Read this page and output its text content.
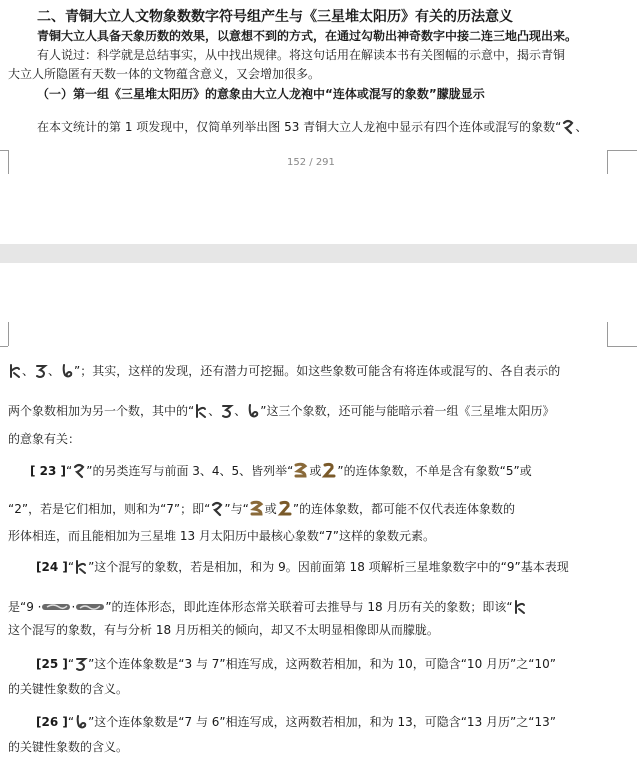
二、青铜大立人文物象数数字符号组产生与《三星堆太阳历》有关的历法意义
青铜大立人具备天象历数的效果，以意想不到的方式，在通过勾勒出神奇数字中接二连三地凸现出来。
有人说过：科学就是总结事实，从中找出规律。将这句话用在解读本书有关图幅的示意中，揭示青铜
大立人所隐匿有天数一体的文物蕴含意义，又会增加很多。
（一）第一组《三星堆太阳历》的意象由大立人龙袍中“连体或混写的象数”朦胧显示
在本文统计的第 1 项发现中，仅简单列举出图 53 青铜大立人龙袍中显示有四个连体或混写的象数“ 、
152 / 291
、 、 ”；其实，这样的发现，还有潜力可挖掘。如这些象数可能含有将连体或混写的、各自表示的
两个象数相加为另一个数，其中的“ 、 、 ”这三个象数，还可能与能暗示着一组《三星堆太阳历》
的意象有关：
[ 23 ]“ ”的另类连写与前面 3、4、5、皆列举“ 或 ”的连体象数，不单是含有象数“5”或
“2”，若是它们相加，则和为“7”；即“ ”与“ 或 ”的连体象数，都可能不仅代表连体象数的
形体相连，而且能相加为三星堆 13 月太阳历中最核心象数“7”这样的象数元素。
[24 ]“ ”这个混写的象数，若是相加，和为 9。因前面第 18 项解析三星堆象数字中的“9”基本表现
是“9 ·	·	”的连体形态，即此连体形态常关联着可去推导与 18 月历有关的象数；即该“
这个混写的象数，有与分析 18 月历相关的倾向，却又不太明显相像即从而朦胧。
[25 ]“ ”这个连体象数是“3 与 7”相连写成，这两数若相加，和为 10，可隐含“10 月历”之“10”
的关键性象数的含义。
[26 ]“ ”这个连体象数是“7 与 6”相连写成，这两数若相加，和为 13，可隐含“13 月历”之“13”
的关键性象数的含义。
